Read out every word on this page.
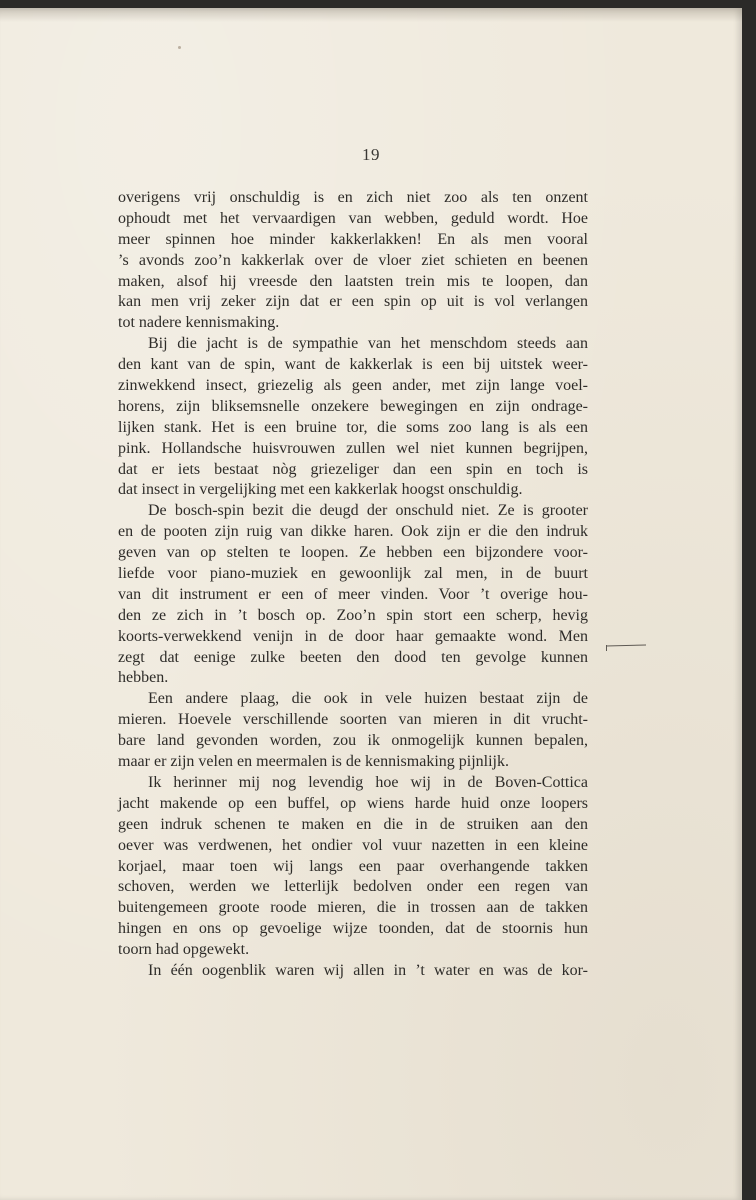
19
overigens vrij onschuldig is en zich niet zoo als ten onzent
ophoudt met het vervaardigen van webben, geduld wordt. Hoe
meer spinnen hoe minder kakkerlakken! En als men vooral
’s avonds zoo’n kakkerlak over de vloer ziet schieten en beenen
maken, alsof hij vreesde den laatsten trein mis te loopen, dan
kan men vrij zeker zijn dat er een spin op uit is vol verlangen
tot nadere kennismaking.
Bij die jacht is de sympathie van het menschdom steeds aan
den kant van de spin, want de kakkerlak is een bij uitstek weer-
zinwekkend insect, griezelig als geen ander, met zijn lange voel-
horens, zijn bliksemsnelle onzekere bewegingen en zijn ondrage-
lijken stank. Het is een bruine tor, die soms zoo lang is als een
pink. Hollandsche huisvrouwen zullen wel niet kunnen begrijpen,
dat er iets bestaat nòg griezeliger dan een spin en toch is
dat insect in vergelijking met een kakkerlak hoogst onschuldig.
De bosch-spin bezit die deugd der onschuld niet. Ze is grooter
en de pooten zijn ruig van dikke haren. Ook zijn er die den indruk
geven van op stelten te loopen. Ze hebben een bijzondere voor-
liefde voor piano-muziek en gewoonlijk zal men, in de buurt
van dit instrument er een of meer vinden. Voor ’t overige hou-
den ze zich in ’t bosch op. Zoo’n spin stort een scherp, hevig
koorts-verwekkend venijn in de door haar gemaakte wond. Men
zegt dat eenige zulke beeten den dood ten gevolge kunnen
hebben.
Een andere plaag, die ook in vele huizen bestaat zijn de
mieren. Hoevele verschillende soorten van mieren in dit vrucht-
bare land gevonden worden, zou ik onmogelijk kunnen bepalen,
maar er zijn velen en meermalen is de kennismaking pijnlijk.
Ik herinner mij nog levendig hoe wij in de Boven-Cottica
jacht makende op een buffel, op wiens harde huid onze loopers
geen indruk schenen te maken en die in de struiken aan den
oever was verdwenen, het ondier vol vuur nazetten in een kleine
korjael, maar toen wij langs een paar overhangende takken
schoven, werden we letterlijk bedolven onder een regen van
buitengemeen groote roode mieren, die in trossen aan de takken
hingen en ons op gevoelige wijze toonden, dat de stoornis hun
toorn had opgewekt.
In één oogenblik waren wij allen in ’t water en was de kor-
